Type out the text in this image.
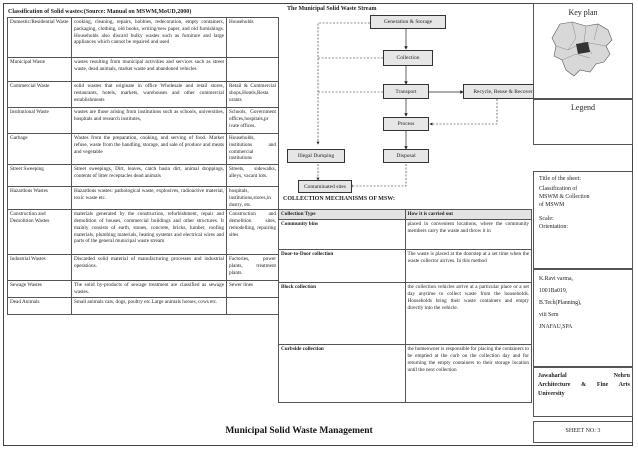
Classification of Solid wastes:(Source: Manual on MSWM,MoUD,2000)
Domestic/Residential Waste	cooking, cleaning, repairs, hobbies, redecoration, empty containers, packaging, clothing, old books, writing/new paper, and old furnishings. Households also discard bulky wastes such as furniture and large appliances which cannot be repaired and used	Households
Municipal Waste	wastes resulting from municipal activities and services such as street waste, dead animals, market waste and abandoned vehicles	
Commercial Waste	solid wastes that originate in office Wholesale and retail stores, restaurants, hotels, markets, warehouses and other commercial establishments	Retail & Commercial shops,Hotels,Resta urants
Institutional Waste	wastes are those arising from institutions such as schools, universities, hospitals and research institutes,	Schools, Government offices,hospitals,pr ivate offices.
Garbage	Wastes from the preparation, cooking, and serving of food. Market refuse, waste from the handling, storage, and sale of produce and meats and vegetable	Households, institutions and commercial institutions
Street Sweeping	Street sweepings, Dirt, leaves, catch basin dirt, animal droppings, contents of litter receptacles dead animals	Streets, sidewalks, alleys, vacant lots.
Hazardous Wastes	Hazardous wastes: pathological waste, explosives, radioactive material, toxic waste etc.	hospitals, institutions,stores,in dustry, etc.
Construction and Demolition Wastes	materials generated by the construction, refurbishment, repair and demolition of houses, commercial buildings and other structures. It mainly consists of earth, stones, concrete, bricks, lumber, roofing materials, plumbing materials, heating systems and electrical wires and parts of the general municipal waste stream	Construction and demolition sites, remodelling, repairing sites
Industrial Wastes	Discarded solid material of manufacturing processes and industrial operations.	Factories, power plants, treatment plants.
Sewage Wastes	The solid by-products of sewage treatment are classified as sewage wastes.	Sewer lines
Dead Animals	Small animals cats, dogs, poultry etc.Large animals horses, cows etc.	
The Municipal Solid Waste Stream
Generation & Storage
Collection
Transport	Recycle, Reuse & Recover
Process
Illegal Dumping	Disposal
Contaminated sites
COLLECTION MECHANISMS OF MSW:
Collection Type	How it is carried out
Community bins	placed in convenient locations, where the community members carry the waste and throw it in
Door-to-Door collection	The waste is placed at the doorstep at a set time when the waste collector arrives. In this method
Block collection	the collection vehicles arrive at a particular place or a set day anytime to collect waste from the households. Households bring their waste containers and empty directly into the vehicle.
Curbside collection	the homeowner is responsible for placing the containers to be emptied at the curb on the collection day and for returning the empty containers to their storage location until the next collection
Key plan
Legend
Title of the sheet:
Classification of
MSWM & Collection
of MSWM
Scale:
Orientation:
K.Ravi varma,
1001Ba019,
B.Tech(Planning),
viii Sem
JNAFAU,SPA
Jawaharlal Nehru
Architecture & Fine Arts
University
SHEET NO: 3
Municipal Solid Waste Management
